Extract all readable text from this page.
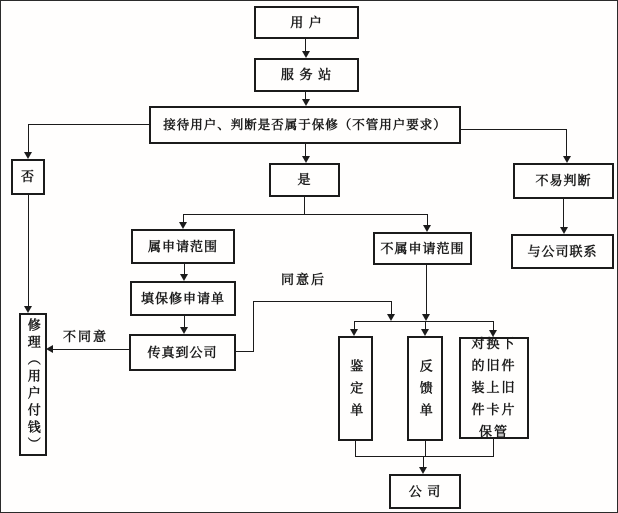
用 户
服 务 站
接待用户、判断是否属于保修（不管用户要求）
否	是	不易判断
与公司联系
属申请范围
填保修申请单
传真到公司
不属申请范围
修理（用户付钱）	鉴定单	反馈单
对换下的旧件装上旧件卡片保管
公 司
不同意
同意后
